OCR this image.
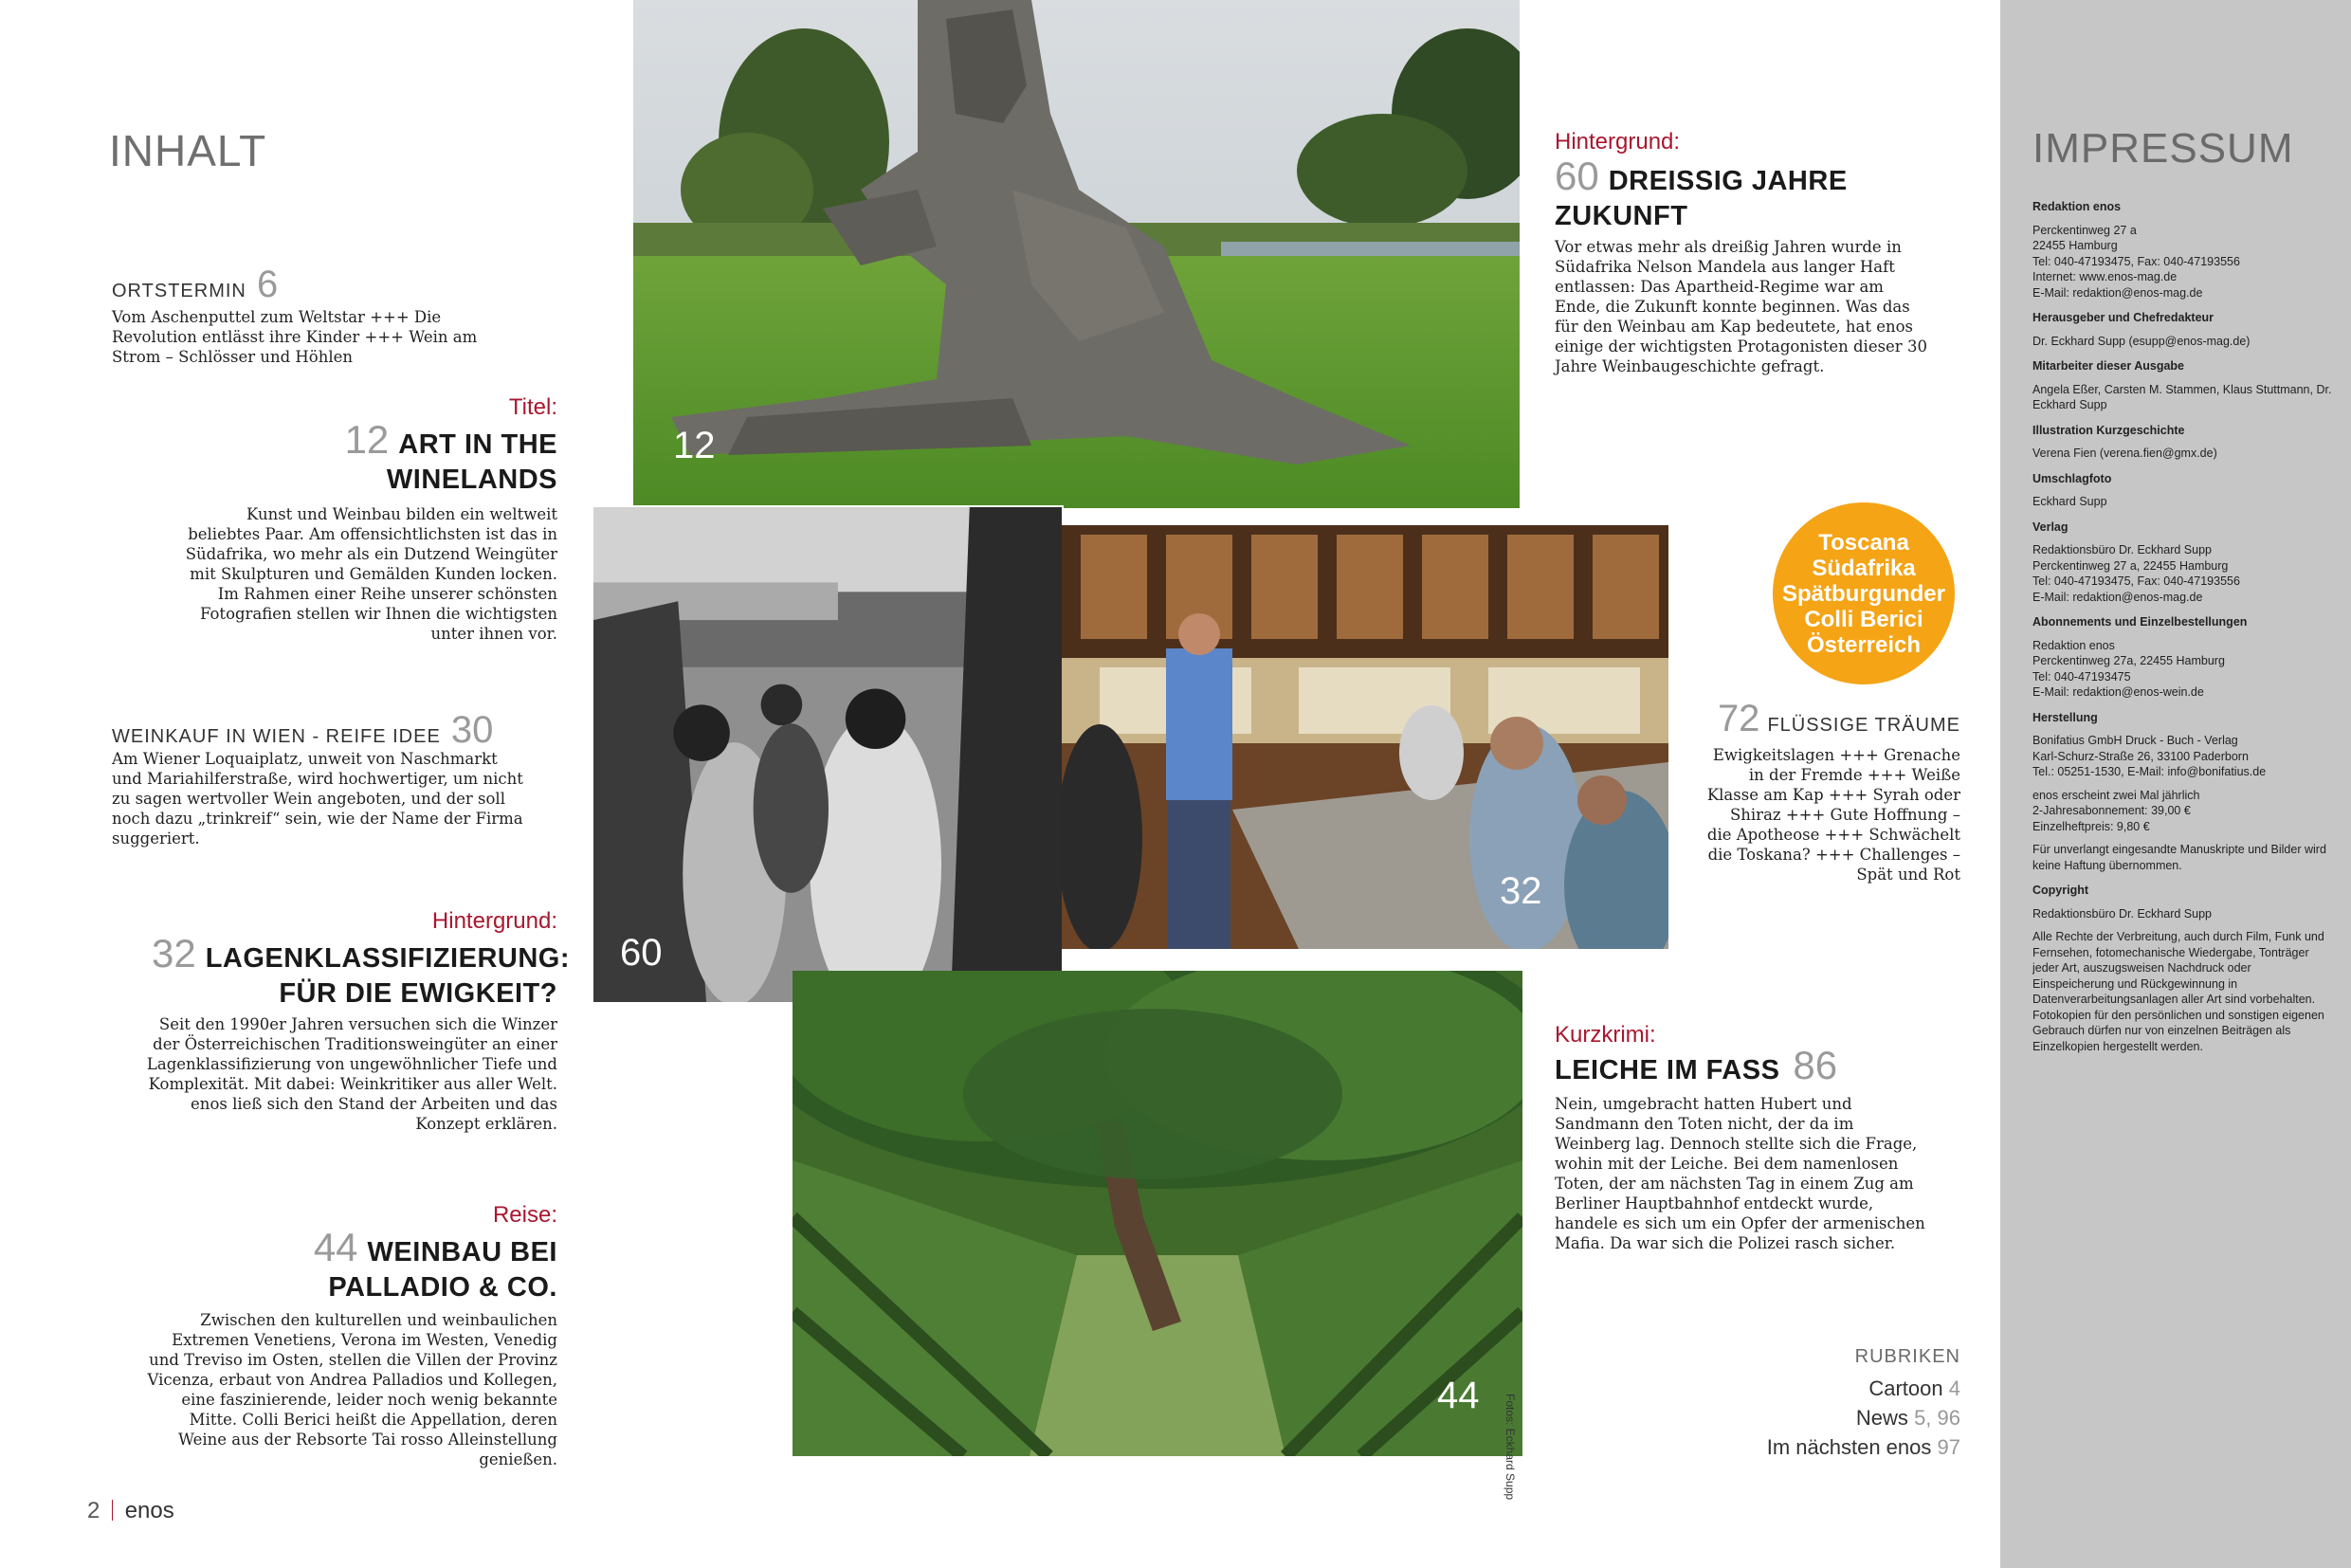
INHALT
ORTSTERMIN 6
Vom Aschenputtel zum Weltstar +++ Die Revolution entlässt ihre Kinder +++ Wein am Strom – Schlösser und Höhlen
Titel:
12 ART IN THE
WINELANDS
Kunst und Weinbau bilden ein weltweit beliebtes Paar. Am offensichtlichsten ist das in Südafrika, wo mehr als ein Dutzend Weingüter mit Skulpturen und Gemälden Kunden locken. Im Rahmen einer Reihe unserer schönsten Fotografien stellen wir Ihnen die wichtigsten unter ihnen vor.
WEINKAUF IN WIEN - REIFE IDEE 30
Am Wiener Loquaiplatz, unweit von Naschmarkt und Mariahilferstraße, wird hochwertiger, um nicht zu sagen wertvoller Wein angeboten, und der soll noch dazu „trinkreif“ sein, wie der Name der Firma suggeriert.
Hintergrund:
32 LAGENKLASSIFIZIERUNG:
FÜR DIE EWIGKEIT?
Seit den 1990er Jahren versuchen sich die Winzer der Österreichischen Traditionsweingüter an einer Lagenklassifizierung von ungewöhnlicher Tiefe und Komplexität. Mit dabei: Weinkritiker aus aller Welt. enos ließ sich den Stand der Arbeiten und das Konzept erklären.
Reise:
44 WEINBAU BEI
PALLADIO & CO.
Zwischen den kulturellen und weinbaulichen Extremen Venetiens, Verona im Westen, Venedig und Treviso im Osten, stellen die Villen der Provinz Vicenza, erbaut von Andrea Palladios und Kollegen, eine faszinierende, leider noch wenig bekannte Mitte. Colli Berici heißt die Appellation, deren Weine aus der Rebsorte Tai rosso Alleinstellung genießen.
2 enos
12
60
32
44 Fotos: Eckhard Supp
Hintergrund:
60 DREISSIG JAHRE
ZUKUNFT
Vor etwas mehr als dreißig Jahren wurde in Südafrika Nelson Mandela aus langer Haft entlassen: Das Apartheid-Regime war am Ende, die Zukunft konnte beginnen. Was das für den Weinbau am Kap bedeutete, hat enos einige der wichtigsten Protagonisten dieser 30 Jahre Weinbaugeschichte gefragt.
Toscana
Südafrika
Spätburgunder
Colli Berici
Österreich
72 FLÜSSIGE TRÄUME
Ewigkeitslagen +++ Grenache in der Fremde +++ Weiße Klasse am Kap +++ Syrah oder Shiraz +++ Gute Hoffnung – die Apotheose +++ Schwächelt die Toskana? +++ Challenges – Spät und Rot
Kurzkrimi:
LEICHE IM FASS 86
Nein, umgebracht hatten Hubert und Sandmann den Toten nicht, der da im Weinberg lag. Dennoch stellte sich die Frage, wohin mit der Leiche. Bei dem namenlosen Toten, der am nächsten Tag in einem Zug am Berliner Hauptbahnhof entdeckt wurde, handele es sich um ein Opfer der armenischen Mafia. Da war sich die Polizei rasch sicher.
RUBRIKEN
Cartoon 4
News 5, 96
Im nächsten enos 97
IMPRESSUM
Redaktion enos
Perckentinweg 27 a
22455 Hamburg
Tel: 040-47193475, Fax: 040-47193556
Internet: www.enos-mag.de
E-Mail: redaktion@enos-mag.de
Herausgeber und Chefredakteur
Dr. Eckhard Supp (esupp@enos-mag.de)
Mitarbeiter dieser Ausgabe
Angela Eßer, Carsten M. Stammen, Klaus Stuttmann, Dr. Eckhard Supp
Illustration Kurzgeschichte
Verena Fien (verena.fien@gmx.de)
Umschlagfoto
Eckhard Supp
Verlag
Redaktionsbüro Dr. Eckhard Supp
Perckentinweg 27 a, 22455 Hamburg
Tel: 040-47193475, Fax: 040-47193556
E-Mail: redaktion@enos-mag.de
Abonnements und Einzelbestellungen
Redaktion enos
Perckentinweg 27a, 22455 Hamburg
Tel: 040-47193475
E-Mail: redaktion@enos-wein.de
Herstellung
Bonifatius GmbH Druck - Buch - Verlag
Karl-Schurz-Straße 26, 33100 Paderborn
Tel.: 05251-1530, E-Mail: info@bonifatius.de
enos erscheint zwei Mal jährlich
2-Jahresabonnement: 39,00 €
Einzelheftpreis: 9,80 €
Für unverlangt eingesandte Manuskripte und Bilder wird keine Haftung übernommen.
Copyright
Redaktionsbüro Dr. Eckhard Supp
Alle Rechte der Verbreitung, auch durch Film, Funk und Fernsehen, fotomechanische Wiedergabe, Tonträger jeder Art, auszugsweisen Nachdruck oder Einspeicherung und Rückgewinnung in Datenverarbeitungsanlagen aller Art sind vorbehalten. Fotokopien für den persönlichen und sonstigen eigenen Gebrauch dürfen nur von einzelnen Beiträgen als Einzelkopien hergestellt werden.
